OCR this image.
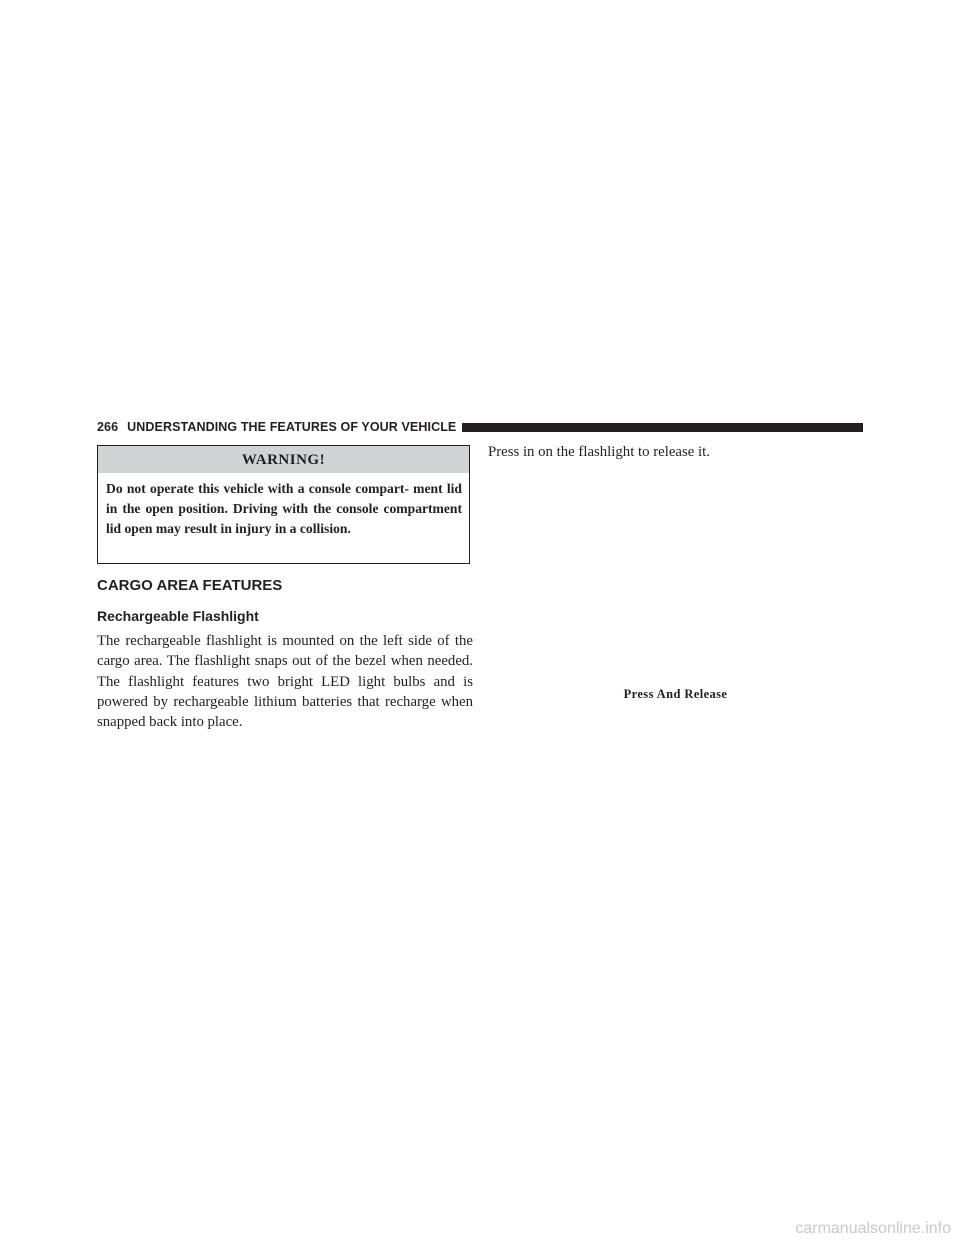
266 UNDERSTANDING THE FEATURES OF YOUR VEHICLE
WARNING!
Do not operate this vehicle with a console compart- ment lid in the open position. Driving with the console compartment lid open may result in injury in a collision.
CARGO AREA FEATURES
Rechargeable Flashlight
The rechargeable flashlight is mounted on the left side of the cargo area. The flashlight snaps out of the bezel when needed. The flashlight features two bright LED light bulbs and is powered by rechargeable lithium batteries that recharge when snapped back into place.
Press in on the flashlight to release it.
Press And Release
carmanualsonline.info
